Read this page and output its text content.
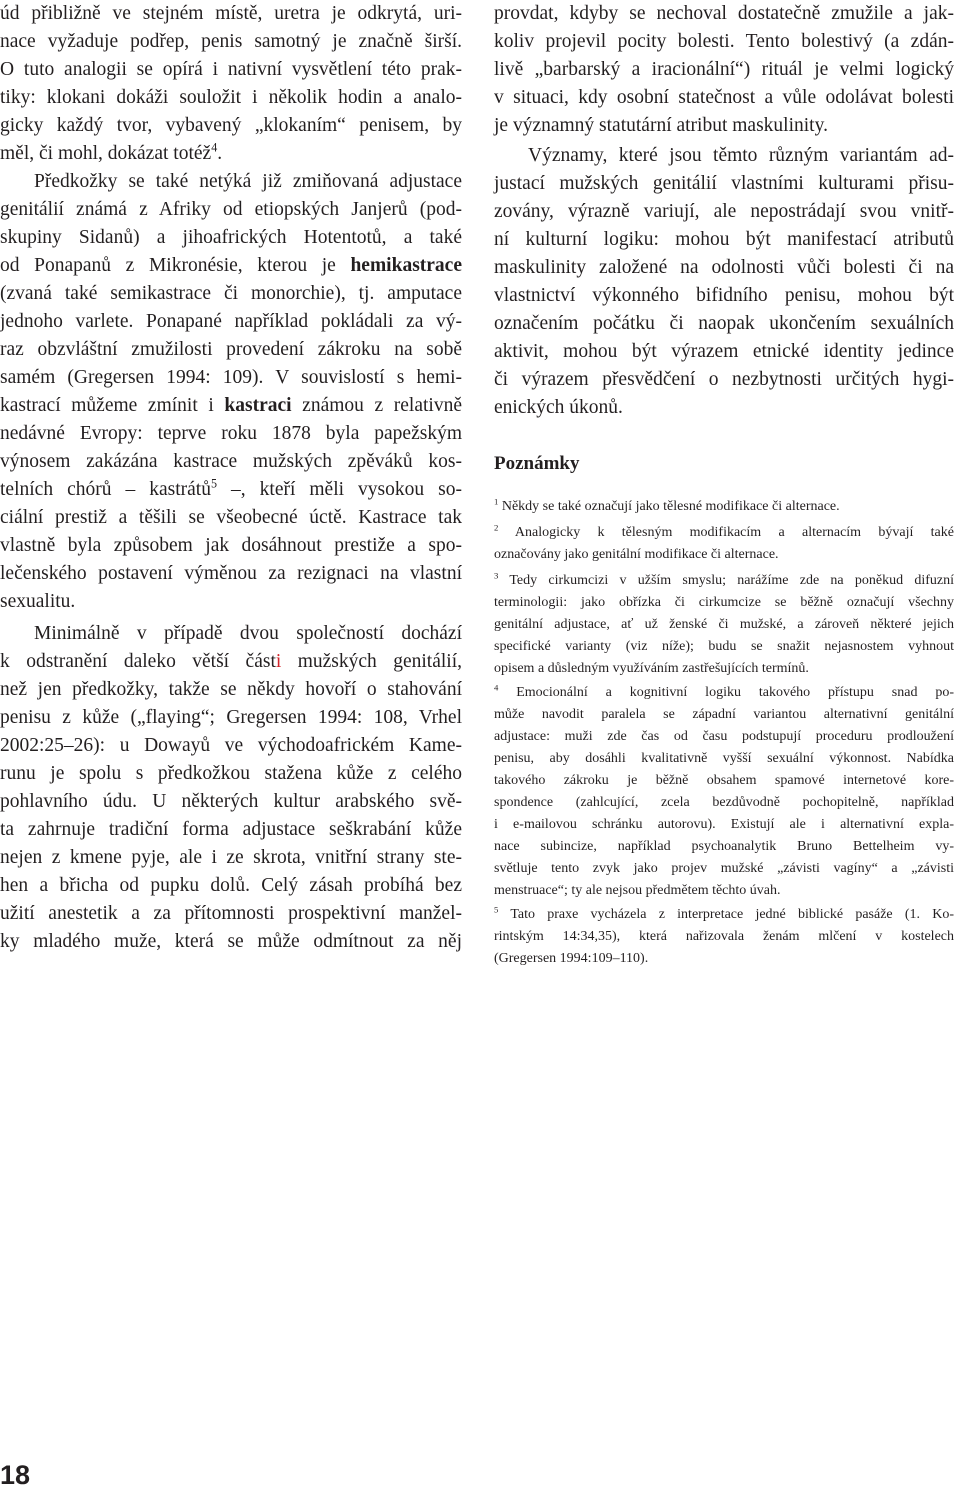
úd přibližně ve stejném místě, uretra je odkrytá, uri-
nace vyžaduje podřep, penis samotný je značně širší.
O tuto analogii se opírá i nativní vysvětlení této prak-
tiky: klokani dokáži souložit i několik hodin a analo-
gicky každý tvor, vybavený „klokaním“ penisem, by
měl, či mohl, dokázat totéž$^4$.
Předkožky se také netýká již zmiňovaná adjustace
genitálií známá z Afriky od etiopských Janjerů (pod-
skupiny Sidanů) a jihoafrických Hotentotů, a také
od Ponapanů z Mikronésie, kterou je hemikastrace
(zvaná také semikastrace či monorchie), tj. amputace
jednoho varlete. Ponapané například pokládali za vý-
raz obzvláštní zmužilosti provedení zákroku na sobě
samém (Gregersen 1994: 109). V souvislostí s hemi-
kastrací můžeme zmínit i kastraci známou z relativně
nedávné Evropy: teprve roku 1878 byla papežským
výnosem zakázána kastrace mužských zpěváků kos-
telních chórů – kastrátů$^5$ –, kteří měli vysokou so-
ciální prestiž a těšili se všeobecné úctě. Kastrace tak
vlastně byla způsobem jak dosáhnout prestiže a spo-
lečenského postavení výměnou za rezignaci na vlastní
sexualitu.
Minimálně v případě dvou společností dochází
k odstranění daleko větší části mužských genitálií,
než jen předkožky, takže se někdy hovoří o stahování
penisu z kůže („flaying“; Gregersen 1994: 108, Vrhel
2002:25–26): u Dowayů ve východoafrickém Kame-
runu je spolu s předkožkou stažena kůže z celého
pohlavního údu. U některých kultur arabského svě-
ta zahrnuje tradiční forma adjustace seškrabání kůže
nejen z kmene pyje, ale i ze skrota, vnitřní strany ste-
hen a břicha od pupku dolů. Celý zásah probíhá bez
užití anestetik a za přítomnosti prospektivní manžel-
ky mladého muže, která se může odmítnout za něj
provdat, kdyby se nechoval dostatečně zmužile a jak-
koliv projevil pocity bolesti. Tento bolestivý (a zdán-
livě „barbarský a iracionální“) rituál je velmi logický
v situaci, kdy osobní statečnost a vůle odolávat bolesti
je významný statutární atribut maskulinity.
Významy, které jsou těmto různým variantám ad-
justací mužských genitálií vlastními kulturami přisu-
zovány, výrazně variují, ale nepostrádají svou vnitř-
ní kulturní logiku: mohou být manifestací atributů
maskulinity založené na odolnosti vůči bolesti či na
vlastnictví výkonného bifidního penisu, mohou být
označením počátku či naopak ukončením sexuálních
aktivit, mohou být výrazem etnické identity jedince
či výrazem přesvědčení o nezbytnosti určitých hygi-
enických úkonů.
Poznámky
$^1$ Někdy se také označují jako tělesné modifikace či alternace.
$^2$ Analogicky k tělesným modifikacím a alternacím bývají také
označovány jako genitální modifikace či alternace.
$^3$ Tedy cirkumcizi v užším smyslu; narážíme zde na poněkud difuzní
terminologii: jako obřízka či cirkumcize se běžně označují všechny
genitální adjustace, ať už ženské či mužské, a zároveň některé jejich
specifické varianty (viz níže); budu se snažit nejasnostem vyhnout
opisem a důsledným využíváním zastřešujících termínů.
$^4$ Emocionální a kognitivní logiku takového přístupu snad po-
může navodit paralela se západní variantou alternativní genitální
adjustace: muži zde čas od času podstupují proceduru prodloužení
penisu, aby dosáhli kvalitativně vyšší sexuální výkonnost. Nabídka
takového zákroku je běžně obsahem spamové internetové kore-
spondence (zahlcující, zcela bezdůvodně pochopitelně, například
i e-mailovou schránku autorovu). Existují ale i alternativní expla-
nace subincize, například psychoanalytik Bruno Bettelheim vy-
světluje tento zvyk jako projev mužské „závisti vagíny“ a „závisti
menstruace“; ty ale nejsou předmětem těchto úvah.
$^5$ Tato praxe vycházela z interpretace jedné biblické pasáže (1. Ko-
rintským 14:34,35), která nařizovala ženám mlčení v kostelech
(Gregersen 1994:109–110).
18
